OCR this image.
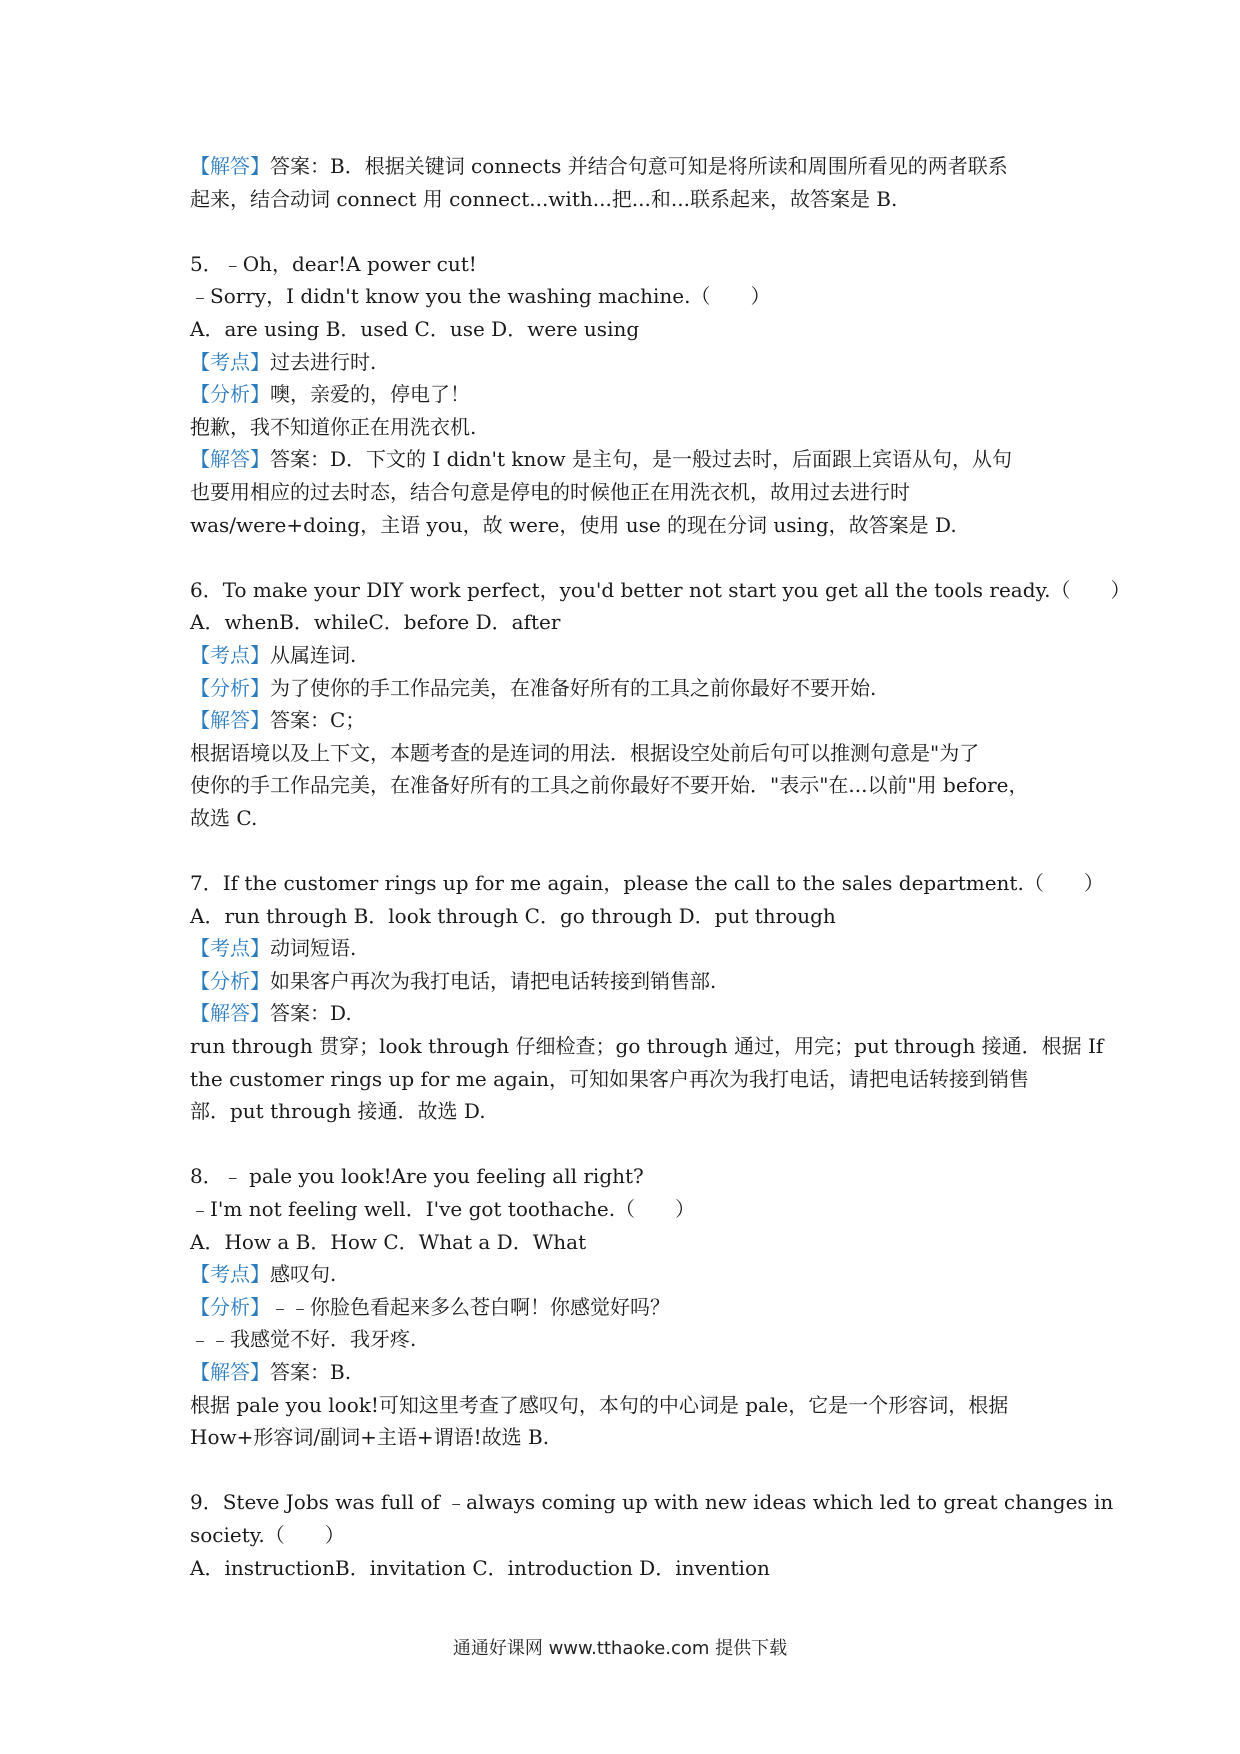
【解答】答案：B．根据关键词 connects 并结合句意可知是将所读和周围所看见的两者联系
起来，结合动词 connect 用 connect...with...把...和...联系起来，故答案是 B.
5．﹣Oh，dear!A power cut!
﹣Sorry，I didn't know you the washing machine.（　　）
A．are using B．used C．use D．were using
【考点】过去进行时.
【分析】噢，亲爱的，停电了！
抱歉，我不知道你正在用洗衣机.
【解答】答案：D．下文的 I didn't know 是主句，是一般过去时，后面跟上宾语从句，从句
也要用相应的过去时态，结合句意是停电的时候他正在用洗衣机，故用过去进行时
was/were+doing，主语 you，故 were，使用 use 的现在分词 using，故答案是 D.
6．To make your DIY work perfect，you'd better not start you get all the tools ready.（　　）
A．whenB．whileC．before D．after
【考点】从属连词.
【分析】为了使你的手工作品完美，在准备好所有的工具之前你最好不要开始.
【解答】答案：C；
根据语境以及上下文，本题考查的是连词的用法．根据设空处前后句可以推测句意是"为了
使你的手工作品完美，在准备好所有的工具之前你最好不要开始．"表示"在...以前"用 before，
故选 C.
7．If the customer rings up for me again，please the call to the sales department.（　　）
A．run through B．look through C．go through D．put through
【考点】动词短语.
【分析】如果客户再次为我打电话，请把电话转接到销售部.
【解答】答案：D.
run through 贯穿；look through 仔细检查；go through 通过，用完；put through 接通．根据 If
the customer rings up for me again，可知如果客户再次为我打电话，请把电话转接到销售
部．put through 接通．故选 D.
8．﹣ pale you look!Are you feeling all right?
﹣I'm not feeling well．I've got toothache.（　　）
A．How a B．How C．What a D．What
【考点】感叹句.
【分析】﹣﹣你脸色看起来多么苍白啊！你感觉好吗？
﹣﹣我感觉不好．我牙疼.
【解答】答案：B.
根据 pale you look!可知这里考查了感叹句，本句的中心词是 pale，它是一个形容词，根据
How+形容词/副词+主语+谓语!故选 B.
9．Steve Jobs was full of ﹣always coming up with new ideas which led to great changes in
society.（　　）
A．instructionB．invitation C．introduction D．invention
通通好课网 www.tthaoke.com 提供下载
